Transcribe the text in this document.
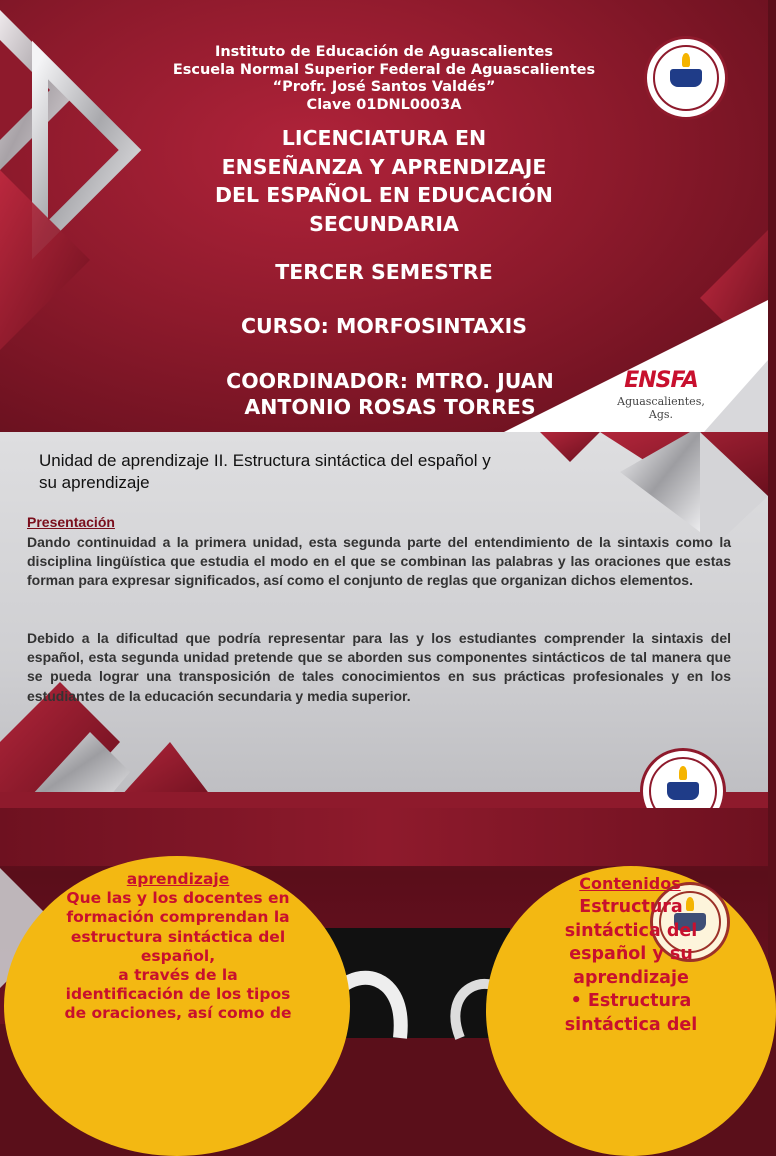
Instituto de Educación de Aguascalientes
Escuela Normal Superior Federal de Aguascalientes
“Profr. José Santos Valdés”
Clave 01DNL0003A
LICENCIATURA EN
ENSEÑANZA Y APRENDIZAJE
DEL ESPAÑOL EN EDUCACIÓN
SECUNDARIA
TERCER SEMESTRE
CURSO: MORFOSINTAXIS
COORDINADOR: MTRO. JUAN
ANTONIO ROSAS TORRES
ENSFA
Aguascalientes, Ags.
Unidad de aprendizaje II. Estructura sintáctica del español y su aprendizaje
Presentación

Dando continuidad a la primera unidad, esta segunda parte del entendimiento de la sintaxis como la disciplina lingüística que estudia el modo en el que se combinan las palabras y las oraciones que estas forman para expresar significados, así como el conjunto de reglas que organizan dichos elementos.

Debido a la dificultad que podría representar para las y los estudiantes comprender la sintaxis del español, esta segunda unidad pretende que se aborden sus componentes sintácticos de tal manera que se pueda lograr una transposición de tales conocimientos en sus prácticas profesionales y en los estudiantes de la educación secundaria y media superior.

aprendizaje
Que las y los docentes en
formación comprendan la
estructura sintáctica del
español,
a través de la
identificación de los tipos
de oraciones, así como de
Contenidos
Estructura
sintáctica del
español y su
aprendizaje
• Estructura
sintáctica del
